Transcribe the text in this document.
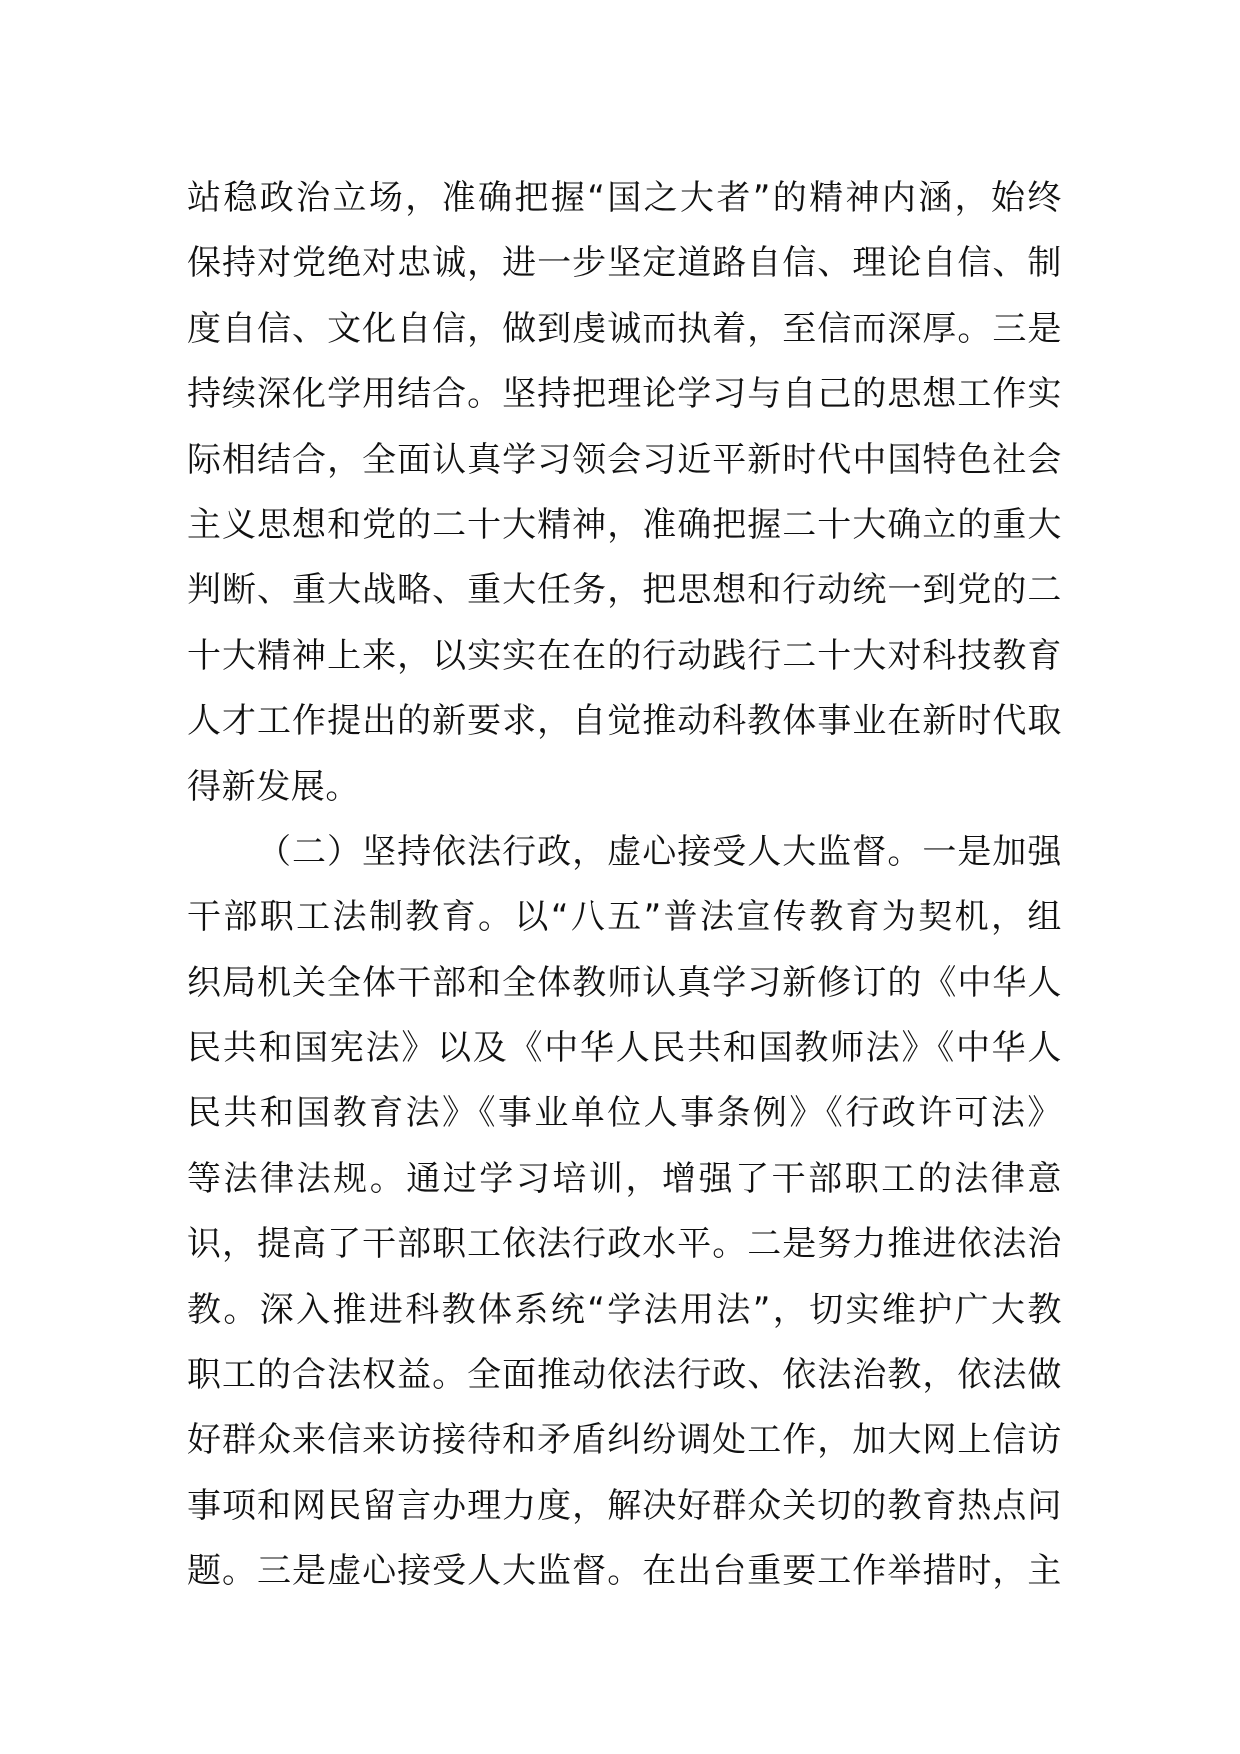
站稳政治立场，准确把握“国之大者”的精神内涵，始终
保持对党绝对忠诚，进一步坚定道路自信、理论自信、制
度自信、文化自信，做到虔诚而执着，至信而深厚。三是
持续深化学用结合。坚持把理论学习与自己的思想工作实
际相结合，全面认真学习领会习近平新时代中国特色社会
主义思想和党的二十大精神，准确把握二十大确立的重大
判断、重大战略、重大任务，把思想和行动统一到党的二
十大精神上来，以实实在在的行动践行二十大对科技教育
人才工作提出的新要求，自觉推动科教体事业在新时代取
得新发展。
（二）坚持依法行政，虚心接受人大监督。一是加强
干部职工法制教育。以“八五”普法宣传教育为契机，组
织局机关全体干部和全体教师认真学习新修订的《中华人
民共和国宪法》以及《中华人民共和国教师法》《中华人
民共和国教育法》《事业单位人事条例》《行政许可法》
等法律法规。通过学习培训，增强了干部职工的法律意
识，提高了干部职工依法行政水平。二是努力推进依法治
教。深入推进科教体系统“学法用法”，切实维护广大教
职工的合法权益。全面推动依法行政、依法治教，依法做
好群众来信来访接待和矛盾纠纷调处工作，加大网上信访
事项和网民留言办理力度，解决好群众关切的教育热点问
题。三是虚心接受人大监督。在出台重要工作举措时，主
